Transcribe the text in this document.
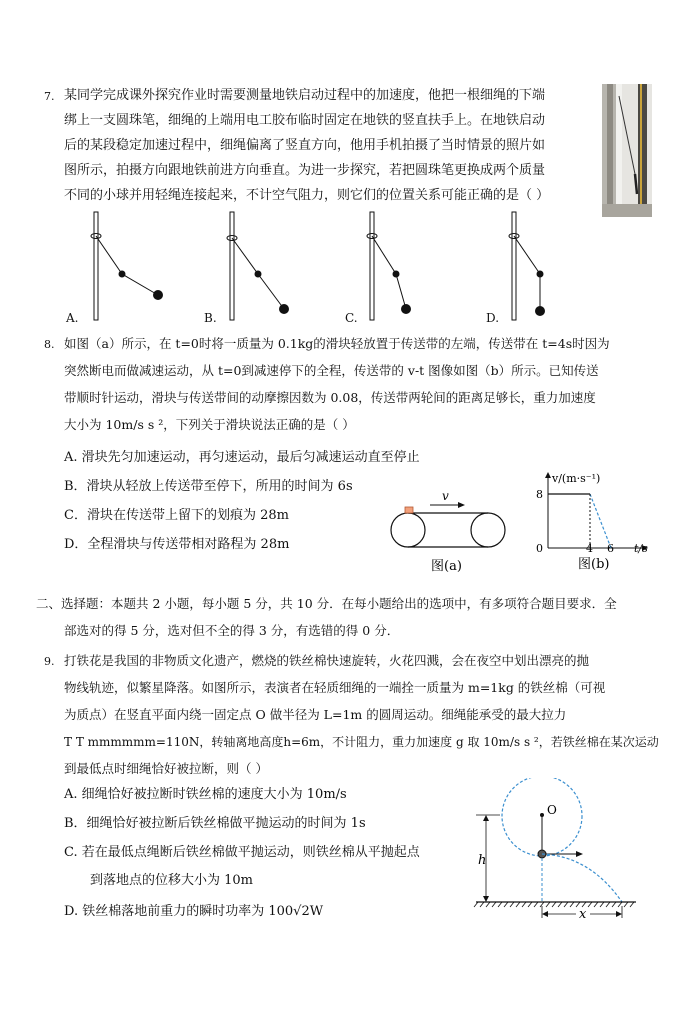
7. 某同学完成课外探究作业时需要测量地铁启动过程中的加速度，他把一根细绳的下端
绑上一支圆珠笔，细绳的上端用电工胶布临时固定在地铁的竖直扶手上。在地铁启动
后的某段稳定加速过程中，细绳偏离了竖直方向，他用手机拍摄了当时情景的照片如
图所示，拍摄方向跟地铁前进方向垂直。为进一步探究，若把圆珠笔更换成两个质量
不同的小球并用轻绳连接起来，不计空气阻力，则它们的位置关系可能正确的是（ ）
A.	B.	C.	D.
8. 如图（a）所示，在 t=0时将一质量为 0.1kg的滑块轻放置于传送带的左端，传送带在 t=4s时因为
突然断电而做减速运动，从 t=0到减速停下的全程，传送带的 v-t 图像如图（b）所示。已知传送
带顺时针运动，滑块与传送带间的动摩擦因数为 0.08，传送带两轮间的距离足够长，重力加速度
大小为 10m/s s ²，下列关于滑块说法正确的是（ ）
A. 滑块先匀加速运动，再匀速运动，最后匀减速运动直至停止
B．滑块从轻放上传送带至停下，所用的时间为 6s
C．滑块在传送带上留下的划痕为 28m
D．全程滑块与传送带相对路程为 28m
v
图(a)
v/(m·s⁻¹)
8
0	4 6 t/s
图(b)
二、选择题：本题共 2 小题，每小题 5 分，共 10 分．在每小题给出的选项中，有多项符合题目要求．全
部选对的得 5 分，选对但不全的得 3 分，有选错的得 0 分．
9. 打铁花是我国的非物质文化遗产，燃烧的铁丝棉快速旋转，火花四溅，会在夜空中划出漂亮的抛
物线轨迹，似繁星降落。如图所示，表演者在轻质细绳的一端拴一质量为 m=1kg 的铁丝棉（可视
为质点）在竖直平面内绕一固定点 O 做半径为 L=1m 的圆周运动。细绳能承受的最大拉力
T T mmmmmm=110N，转轴离地高度h=6m，不计阻力，重力加速度 g 取 10m/s s ²，若铁丝棉在某次运动
到最低点时细绳恰好被拉断，则（ ）
A. 细绳恰好被拉断时铁丝棉的速度大小为 10m/s
B．细绳恰好被拉断后铁丝棉做平抛运动的时间为 1s
C. 若在最低点绳断后铁丝棉做平抛运动，则铁丝棉从平抛起点
到落地点的位移大小为 10m
D. 铁丝棉落地前重力的瞬时功率为 100√2W
O
h
x
